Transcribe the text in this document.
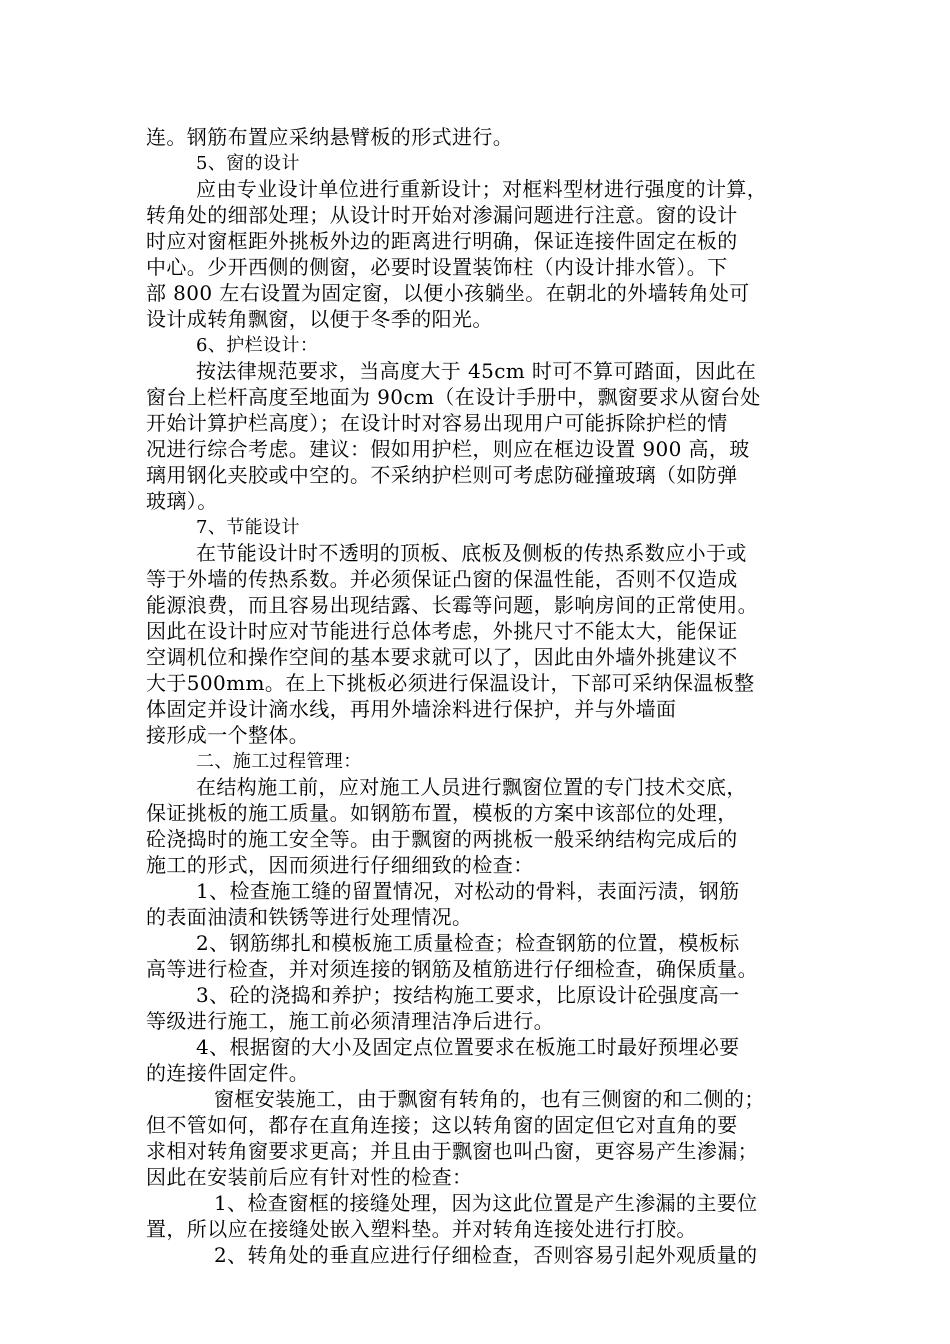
连。钢筋布置应采纳悬臂板的形式进行。
5、窗的设计
应由专业设计单位进行重新设计；对框料型材进行强度的计算，
转角处的细部处理；从设计时开始对渗漏问题进行注意。窗的设计
时应对窗框距外挑板外边的距离进行明确，保证连接件固定在板的
中心。少开西侧的侧窗，必要时设置装饰柱（内设计排水管）。下
部 800 左右设置为固定窗，以便小孩躺坐。在朝北的外墙转角处可
设计成转角飘窗，以便于冬季的阳光。
6、护栏设计：
按法律规范要求，当高度大于 45cm 时可不算可踏面，因此在
窗台上栏杆高度至地面为 90cm（在设计手册中，飘窗要求从窗台处
开始计算护栏高度）；在设计时对容易出现用户可能拆除护栏的情
况进行综合考虑。建议：假如用护栏，则应在框边设置 900 高，玻
璃用钢化夹胶或中空的。不采纳护栏则可考虑防碰撞玻璃（如防弹
玻璃）。
7、节能设计
在节能设计时不透明的顶板、底板及侧板的传热系数应小于或
等于外墙的传热系数。并必须保证凸窗的保温性能，否则不仅造成
能源浪费，而且容易出现结露、长霉等问题，影响房间的正常使用。
因此在设计时应对节能进行总体考虑，外挑尺寸不能太大，能保证
空调机位和操作空间的基本要求就可以了，因此由外墙外挑建议不
大于500mm。在上下挑板必须进行保温设计，下部可采纳保温板整
体固定并设计滴水线，再用外墙涂料进行保护，并与外墙面
接形成一个整体。
二、施工过程管理：
在结构施工前，应对施工人员进行飘窗位置的专门技术交底，
保证挑板的施工质量。如钢筋布置，模板的方案中该部位的处理，
砼浇捣时的施工安全等。由于飘窗的两挑板一般采纳结构完成后的
施工的形式，因而须进行仔细细致的检查：
1、检查施工缝的留置情况，对松动的骨料，表面污渍，钢筋
的表面油渍和铁锈等进行处理情况。
2、钢筋绑扎和模板施工质量检查；检查钢筋的位置，模板标
高等进行检查，并对须连接的钢筋及植筋进行仔细检查，确保质量。
3、砼的浇捣和养护；按结构施工要求，比原设计砼强度高一
等级进行施工，施工前必须清理洁净后进行。
4、根据窗的大小及固定点位置要求在板施工时最好预埋必要
的连接件固定件。
窗框安装施工，由于飘窗有转角的，也有三侧窗的和二侧的；
但不管如何，都存在直角连接；这以转角窗的固定但它对直角的要
求相对转角窗要求更高；并且由于飘窗也叫凸窗，更容易产生渗漏；
因此在安装前后应有针对性的检查：
1、检查窗框的接缝处理，因为这此位置是产生渗漏的主要位
置，所以应在接缝处嵌入塑料垫。并对转角连接处进行打胶。
2、转角处的垂直应进行仔细检查，否则容易引起外观质量的
